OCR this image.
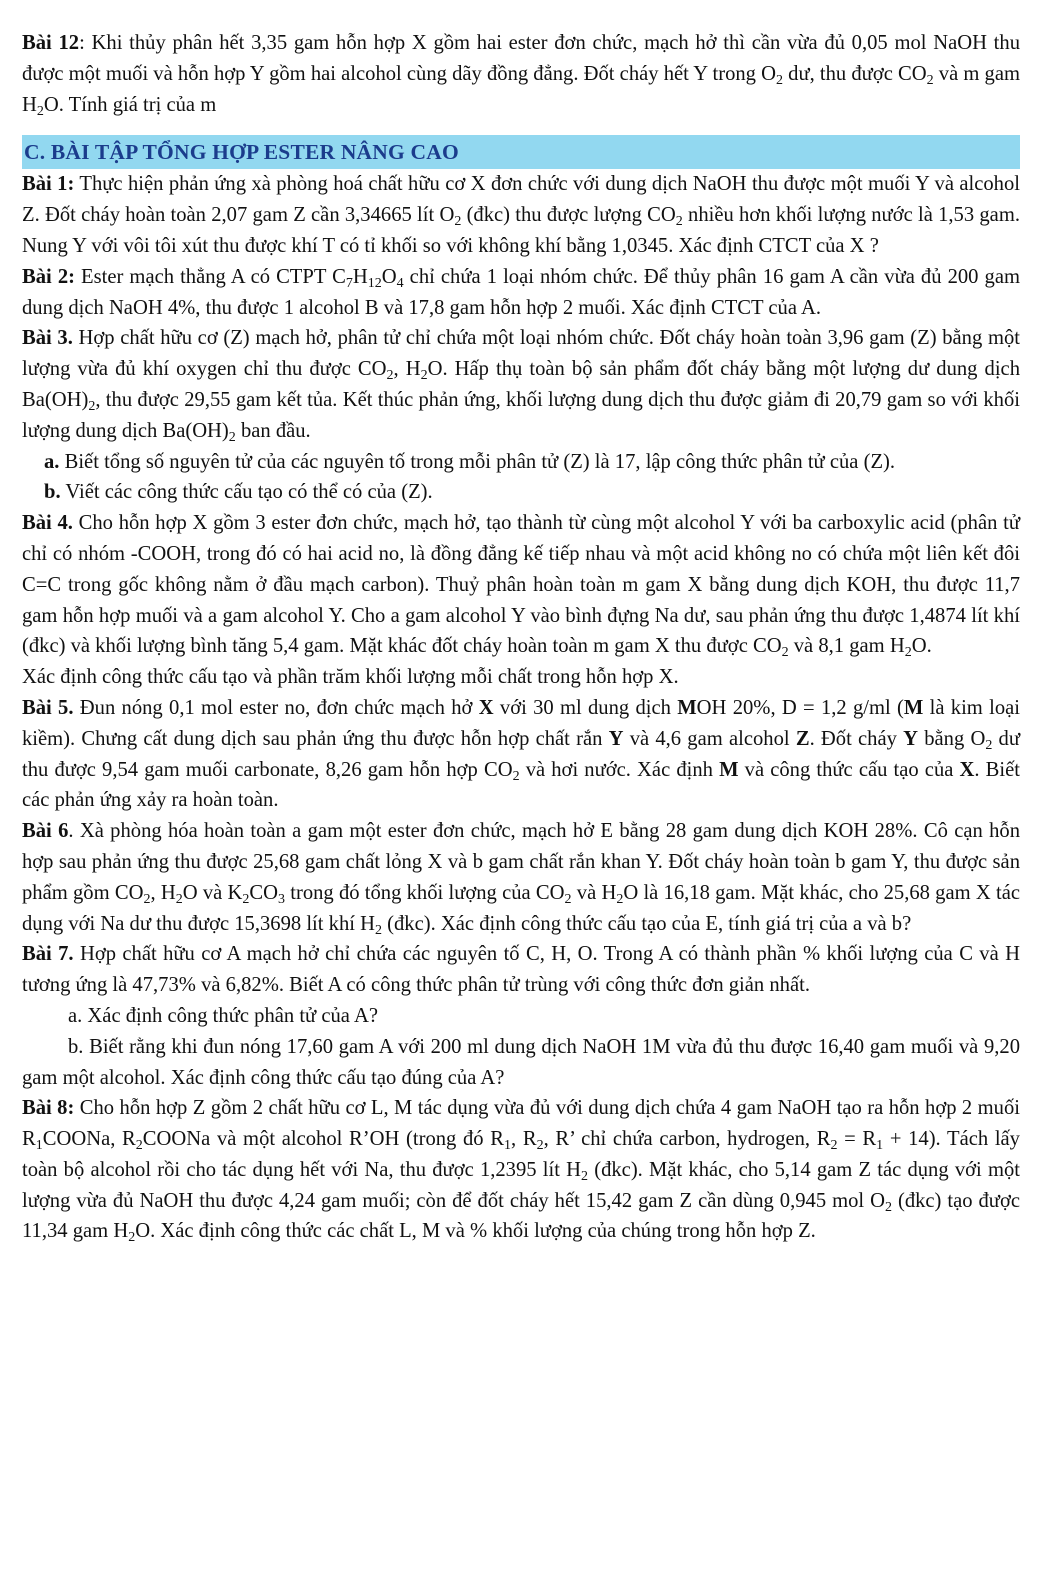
Bài 12: Khi thủy phân hết 3,35 gam hỗn hợp X gồm hai ester đơn chức, mạch hở thì cần vừa đủ 0,05 mol NaOH thu được một muối và hỗn hợp Y gồm hai alcohol cùng dãy đồng đẳng. Đốt cháy hết Y trong $O_2$ dư, thu được $CO_2$ và m gam $H_2O$. Tính giá trị của m

C. BÀI TẬP TỔNG HỢP ESTER NÂNG CAO

Bài 1: Thực hiện phản ứng xà phòng hoá chất hữu cơ X đơn chức với dung dịch NaOH thu được một muối Y và alcohol Z. Đốt cháy hoàn toàn 2,07 gam Z cần 3,34665 lít $O_2$ (đkc) thu được lượng $CO_2$ nhiều hơn khối lượng nước là 1,53 gam. Nung Y với vôi tôi xút thu được khí T có tỉ khối so với không khí bằng 1,0345. Xác định CTCT của X ?

Bài 2: Ester mạch thẳng A có CTPT $C_7H_{12}O_4$ chỉ chứa 1 loại nhóm chức. Để thủy phân 16 gam A cần vừa đủ 200 gam dung dịch NaOH 4%, thu được 1 alcohol B và 17,8 gam hỗn hợp 2 muối. Xác định CTCT của A.

Bài 3. Hợp chất hữu cơ (Z) mạch hở, phân tử chỉ chứa một loại nhóm chức. Đốt cháy hoàn toàn 3,96 gam (Z) bằng một lượng vừa đủ khí oxygen chỉ thu được $CO_2$, $H_2O$. Hấp thụ toàn bộ sản phẩm đốt cháy bằng một lượng dư dung dịch $Ba(OH)_2$, thu được 29,55 gam kết tủa. Kết thúc phản ứng, khối lượng dung dịch thu được giảm đi 20,79 gam so với khối lượng dung dịch $Ba(OH)_2$ ban đầu.

a. Biết tổng số nguyên tử của các nguyên tố trong mỗi phân tử (Z) là 17, lập công thức phân tử của (Z).

b. Viết các công thức cấu tạo có thể có của (Z).

Bài 4. Cho hỗn hợp X gồm 3 ester đơn chức, mạch hở, tạo thành từ cùng một alcohol Y với ba carboxylic acid (phân tử chỉ có nhóm -COOH, trong đó có hai acid no, là đồng đẳng kế tiếp nhau và một acid không no có chứa một liên kết đôi C=C trong gốc không nằm ở đầu mạch carbon). Thuỷ phân hoàn toàn m gam X bằng dung dịch KOH, thu được 11,7 gam hỗn hợp muối và a gam alcohol Y. Cho a gam alcohol Y vào bình đựng Na dư, sau phản ứng thu được 1,4874 lít khí (đkc) và khối lượng bình tăng 5,4 gam. Mặt khác đốt cháy hoàn toàn m gam X thu được $CO_2$ và 8,1 gam $H_2O$.

Xác định công thức cấu tạo và phần trăm khối lượng mỗi chất trong hỗn hợp X.

Bài 5. Đun nóng 0,1 mol ester no, đơn chức mạch hở X với 30 ml dung dịch MOH 20%, D = 1,2 g/ml (M là kim loại kiềm). Chưng cất dung dịch sau phản ứng thu được hỗn hợp chất rắn Y và 4,6 gam alcohol Z. Đốt cháy Y bằng $O_2$ dư thu được 9,54 gam muối carbonate, 8,26 gam hỗn hợp $CO_2$ và hơi nước. Xác định M và công thức cấu tạo của X. Biết các phản ứng xảy ra hoàn toàn.

Bài 6. Xà phòng hóa hoàn toàn a gam một ester đơn chức, mạch hở E bằng 28 gam dung dịch KOH 28%. Cô cạn hỗn hợp sau phản ứng thu được 25,68 gam chất lỏng X và b gam chất rắn khan Y. Đốt cháy hoàn toàn b gam Y, thu được sản phẩm gồm $CO_2$, $H_2O$ và $K_2CO_3$ trong đó tổng khối lượng của $CO_2$ và $H_2O$ là 16,18 gam. Mặt khác, cho 25,68 gam X tác dụng với Na dư thu được 15,3698 lít khí $H_2$ (đkc). Xác định công thức cấu tạo của E, tính giá trị của a và b?

Bài 7. Hợp chất hữu cơ A mạch hở chỉ chứa các nguyên tố C, H, O. Trong A có thành phần % khối lượng của C và H tương ứng là 47,73% và 6,82%. Biết A có công thức phân tử trùng với công thức đơn giản nhất.

a. Xác định công thức phân tử của A?

b. Biết rằng khi đun nóng 17,60 gam A với 200 ml dung dịch NaOH 1M vừa đủ thu được 16,40 gam muối và 9,20 gam một alcohol. Xác định công thức cấu tạo đúng của A?

Bài 8: Cho hỗn hợp Z gồm 2 chất hữu cơ L, M tác dụng vừa đủ với dung dịch chứa 4 gam NaOH tạo ra hỗn hợp 2 muối $R_1COONa$, $R_2COONa$ và một alcohol R’OH (trong đó $R_1$, $R_2$, R’ chỉ chứa carbon, hydrogen, $R_2 = R_1 + 14$). Tách lấy toàn bộ alcohol rồi cho tác dụng hết với Na, thu được 1,2395 lít $H_2$ (đkc). Mặt khác, cho 5,14 gam Z tác dụng với một lượng vừa đủ NaOH thu được 4,24 gam muối; còn để đốt cháy hết 15,42 gam Z cần dùng 0,945 mol $O_2$ (đkc) tạo được 11,34 gam $H_2O$. Xác định công thức các chất L, M và % khối lượng của chúng trong hỗn hợp Z.
